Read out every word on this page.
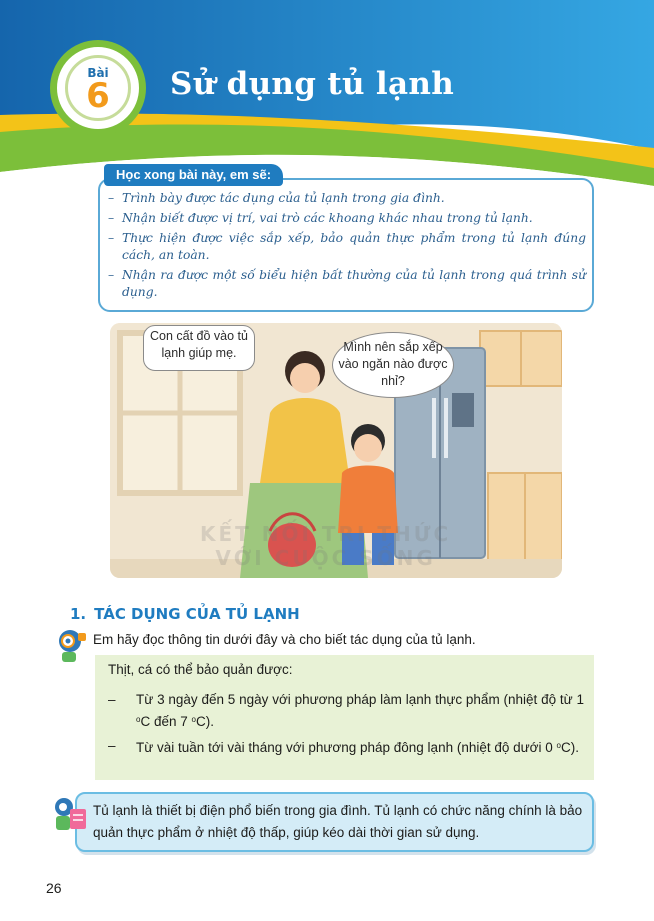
Bài
6	Sử dụng tủ lạnh
Học xong bài này, em sẽ:
– Trình bày được tác dụng của tủ lạnh trong gia đình.
– Nhận biết được vị trí, vai trò các khoang khác nhau trong tủ lạnh.
– Thực hiện được việc sắp xếp, bảo quản thực phẩm trong tủ lạnh đúng cách, an toàn.
– Nhận ra được một số biểu hiện bất thường của tủ lạnh trong quá trình sử dụng.
Con cất đồ vào tủ lạnh giúp mẹ.	Mình nên sắp xếp vào ngăn nào được nhỉ?
KẾT NỐI TRI THỨC
VỚI CUỘC SỐNG
1. TÁC DỤNG CỦA TỦ LẠNH
Em hãy đọc thông tin dưới đây và cho biết tác dụng của tủ lạnh.
Thịt, cá có thể bảo quản được:
– Từ 3 ngày đến 5 ngày với phương pháp làm lạnh thực phẩm (nhiệt độ từ 1 $^o$C đến 7 $^o$C).
– Từ vài tuần tới vài tháng với phương pháp đông lạnh (nhiệt độ dưới 0 $^o$C).
Tủ lạnh là thiết bị điện phổ biến trong gia đình. Tủ lạnh có chức năng chính là bảo quản thực phẩm ở nhiệt độ thấp, giúp kéo dài thời gian sử dụng.
26
